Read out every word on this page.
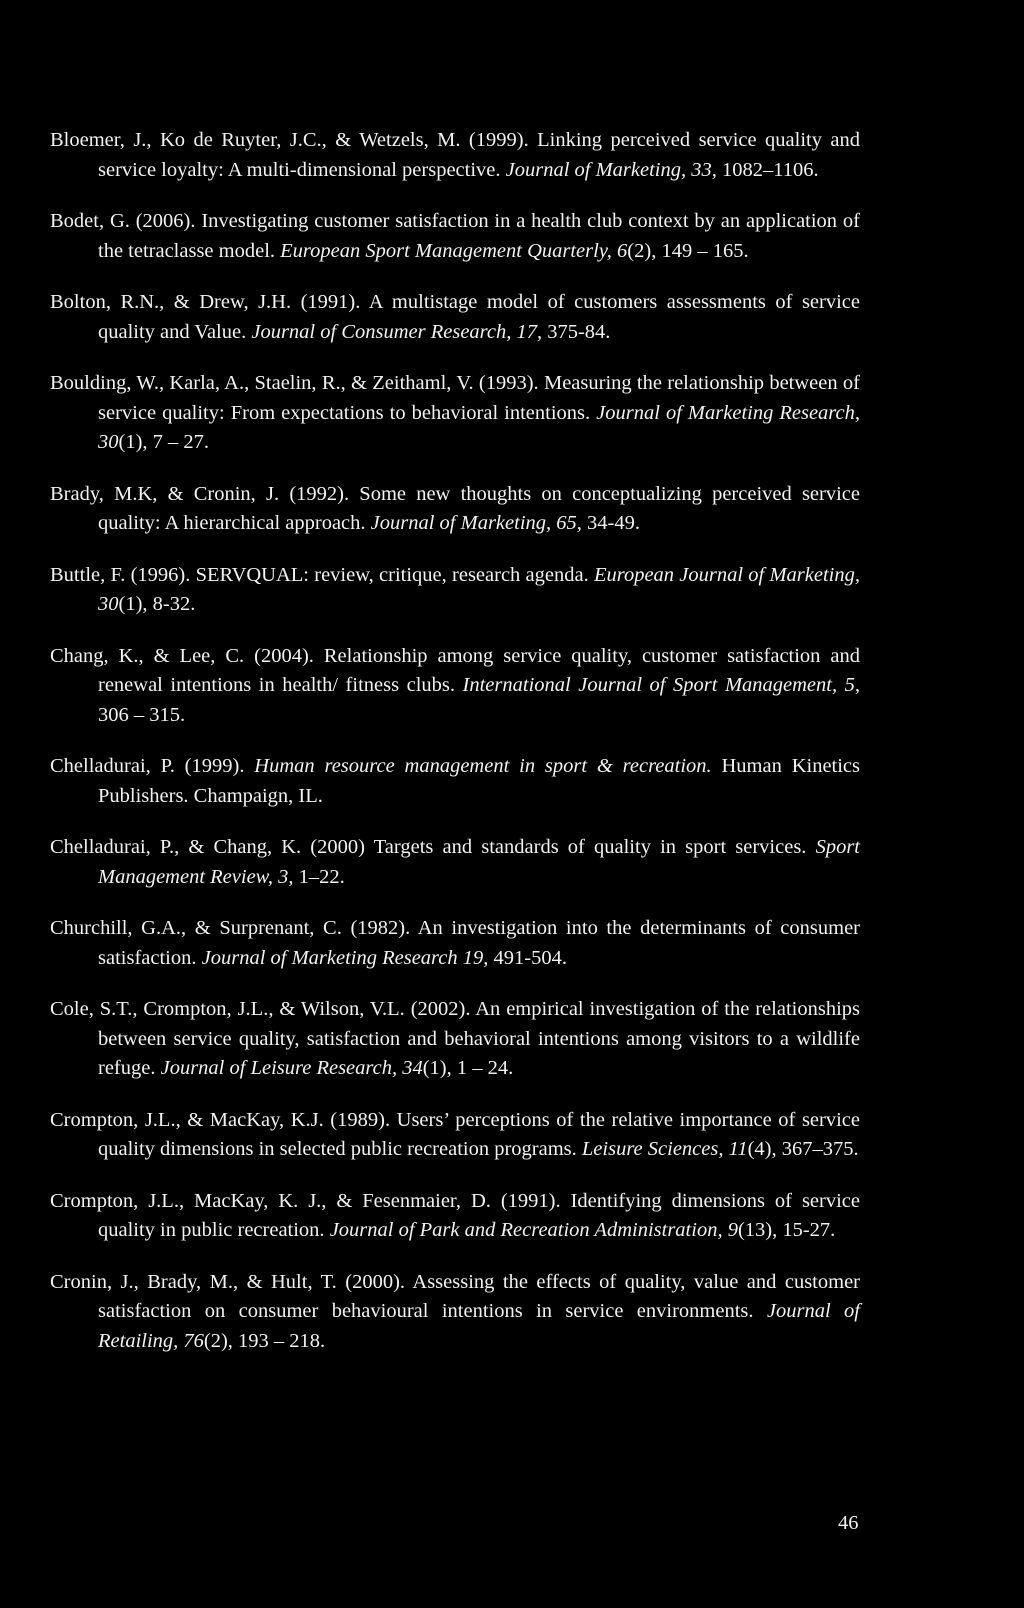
Bloemer, J., Ko de Ruyter, J.C., & Wetzels, M. (1999). Linking perceived service quality and service loyalty: A multi-dimensional perspective. Journal of Marketing, 33, 1082–1106.

Bodet, G. (2006). Investigating customer satisfaction in a health club context by an application of the tetraclasse model. European Sport Management Quarterly, 6(2), 149 – 165.

Bolton, R.N., & Drew, J.H. (1991). A multistage model of customers assessments of service quality and Value. Journal of Consumer Research, 17, 375-84.

Boulding, W., Karla, A., Staelin, R., & Zeithaml, V. (1993). Measuring the relationship between of service quality: From expectations to behavioral intentions. Journal of Marketing Research, 30(1), 7 – 27.

Brady, M.K, & Cronin, J. (1992). Some new thoughts on conceptualizing perceived service quality: A hierarchical approach. Journal of Marketing, 65, 34-49.

Buttle, F. (1996). SERVQUAL: review, critique, research agenda. European Journal of Marketing, 30(1), 8-32.

Chang, K., & Lee, C. (2004). Relationship among service quality, customer satisfaction and renewal intentions in health/ fitness clubs. International Journal of Sport Management, 5, 306 – 315.

Chelladurai, P. (1999). Human resource management in sport & recreation. Human Kinetics Publishers. Champaign, IL.

Chelladurai, P., & Chang, K. (2000) Targets and standards of quality in sport services. Sport Management Review, 3, 1–22.

Churchill, G.A., & Surprenant, C. (1982). An investigation into the determinants of consumer satisfaction. Journal of Marketing Research 19, 491-504.

Cole, S.T., Crompton, J.L., & Wilson, V.L. (2002). An empirical investigation of the relationships between service quality, satisfaction and behavioral intentions among visitors to a wildlife refuge. Journal of Leisure Research, 34(1), 1 – 24.

Crompton, J.L., & MacKay, K.J. (1989). Users’ perceptions of the relative importance of service quality dimensions in selected public recreation programs. Leisure Sciences, 11(4), 367–375.

Crompton, J.L., MacKay, K. J., & Fesenmaier, D. (1991). Identifying dimensions of service quality in public recreation. Journal of Park and Recreation Administration, 9(13), 15-27.

Cronin, J., Brady, M., & Hult, T. (2000). Assessing the effects of quality, value and customer satisfaction on consumer behavioural intentions in service environments. Journal of Retailing, 76(2), 193 – 218.

46
